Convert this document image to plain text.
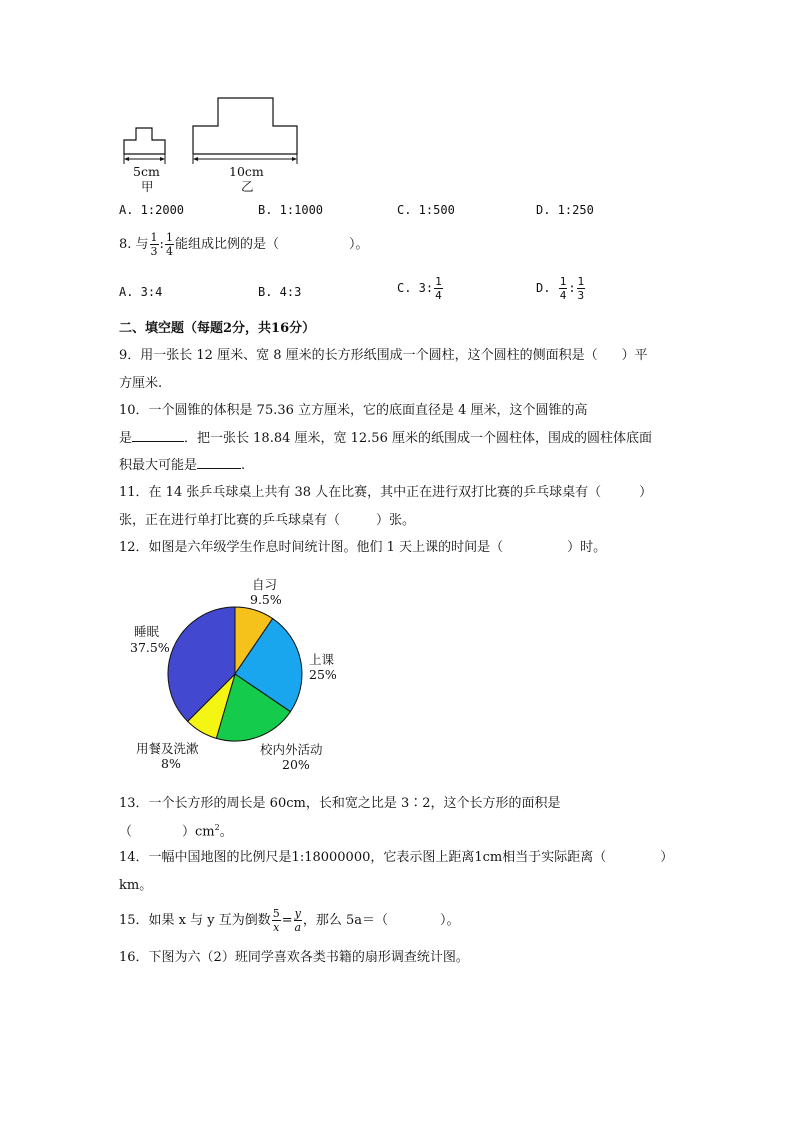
5cm
甲
10cm
乙
A. 1:2000	B. 1:1000	C. 1:500	D. 1:250
8. 与 $\frac{1}{3}$ : $\frac{1}{4}$ 能组成比例的是（	）。
A. 3:4	B. 4:3	C. 3: $\frac{1}{4}$	D. $\frac{1}{4}$ : $\frac{1}{3}$
二、填空题（每题2分，共16分）
9．用一张长 12 厘米、宽 8 厘米的长方形纸围成一个圆柱，这个圆柱的侧面积是（ ）平
方厘米.
10．一个圆锥的体积是 75.36 立方厘米，它的底面直径是 4 厘米，这个圆锥的高
是	．把一张长 18.84 厘米，宽 12.56 厘米的纸围成一个圆柱体，围成的圆柱体底面
积最大可能是	.
11．在 14 张乒乓球桌上共有 38 人在比赛，其中正在进行双打比赛的乒乓球桌有（	）
张，正在进行单打比赛的乒乓球桌有（	）张。
12．如图是六年级学生作息时间统计图。他们 1 天上课的时间是（	）时。
自习
9.5%
上课
25%
校内外活动
20%
用餐及洗漱
8%
睡眠
37.5%
13．一个长方形的周长是 60cm，长和宽之比是 3∶2，这个长方形的面积是
（	）$cm^2$。
14．一幅中国地图的比例尺是1:18000000，它表示图上距离1cm相当于实际距离（	）
km。
15．如果 x 与 y 互为倒数 $\frac{5}{x} = \frac{y}{a}$ ，那么 5a＝（	）。
16．下图为六（2）班同学喜欢各类书籍的扇形调查统计图。
